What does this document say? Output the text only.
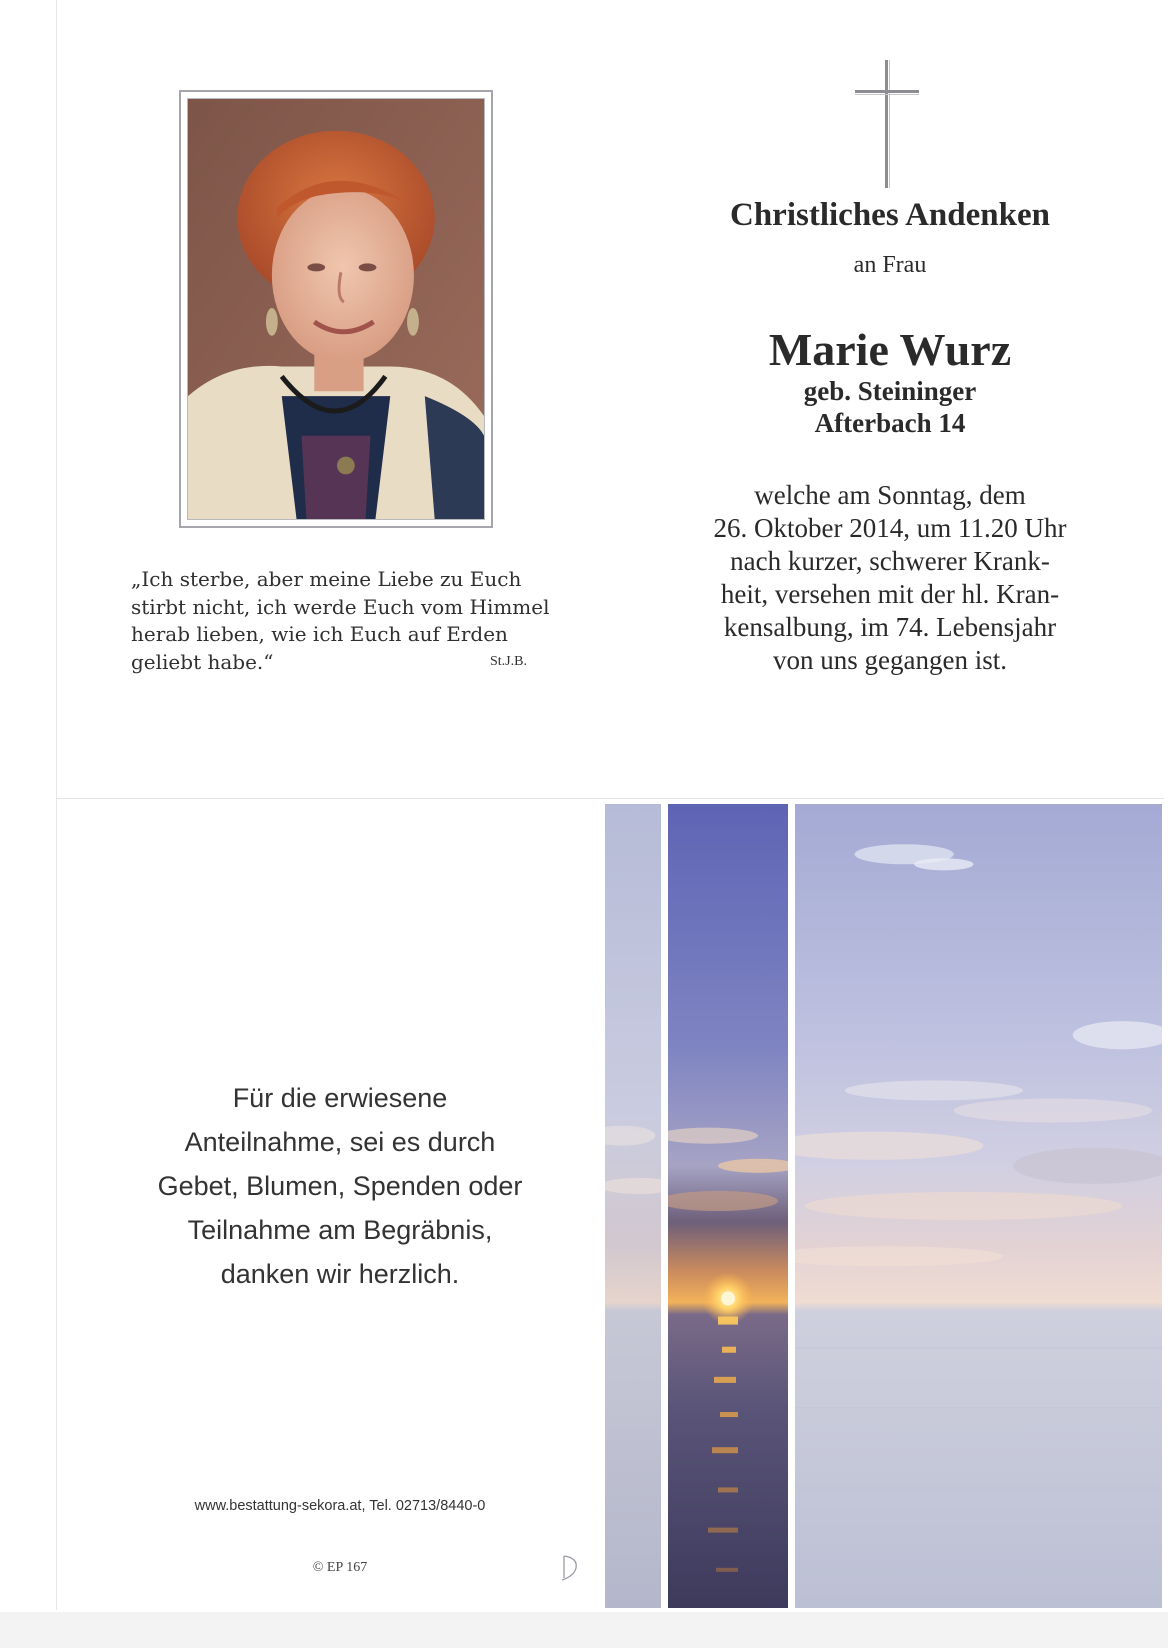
„Ich sterbe, aber meine Liebe zu Euch stirbt nicht, ich werde Euch vom Himmel herab lieben, wie ich Euch auf Erden geliebt habe.“	St.J.B.
Christliches Andenken
an Frau
Marie Wurz
geb. Steininger
Afterbach 14
welche am Sonntag, dem
26. Oktober 2014, um 11.20 Uhr
nach kurzer, schwerer Krank-
heit, versehen mit der hl. Kran-
kensalbung, im 74. Lebensjahr
von uns gegangen ist.
Für die erwiesene
Anteilnahme, sei es durch
Gebet, Blumen, Spenden oder
Teilnahme am Begräbnis,
danken wir herzlich.
www.bestattung-sekora.at, Tel. 02713/8440-0
© EP 167
